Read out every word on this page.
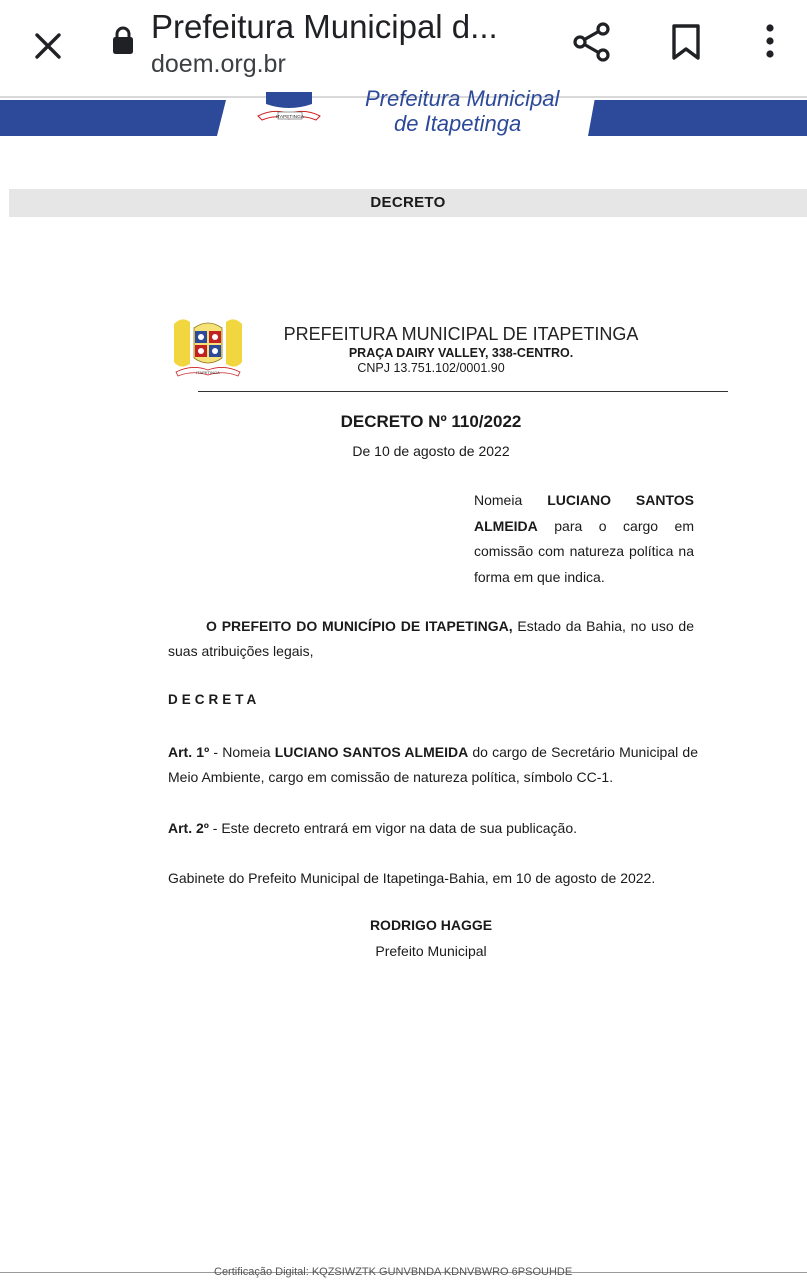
Prefeitura Municipal d...
doem.org.br
ITAPETINGA
Prefeitura Municipal
de Itapetinga
DECRETO
ITAPETINGA
PREFEITURA MUNICIPAL DE ITAPETINGA
PRAÇA DAIRY VALLEY, 338-CENTRO.
CNPJ 13.751.102/0001.90
DECRETO Nº 110/2022
De 10 de agosto de 2022
Nomeia LUCIANO SANTOS ALMEIDA para o cargo em comissão com natureza política na forma em que indica.
O PREFEITO DO MUNICÍPIO DE ITAPETINGA, Estado da Bahia, no uso de suas atribuições legais,
DECRETA
Art. 1º - Nomeia LUCIANO SANTOS ALMEIDA do cargo de Secretário Municipal de Meio Ambiente, cargo em comissão de natureza política, símbolo CC-1.
Art. 2º - Este decreto entrará em vigor na data de sua publicação.
Gabinete do Prefeito Municipal de Itapetinga-Bahia, em 10 de agosto de 2022.
RODRIGO HAGGE
Prefeito Municipal
Certificação Digital: KQZSIWZTK GUNVBNDA KDNVBWRO 6PSOUHDE
